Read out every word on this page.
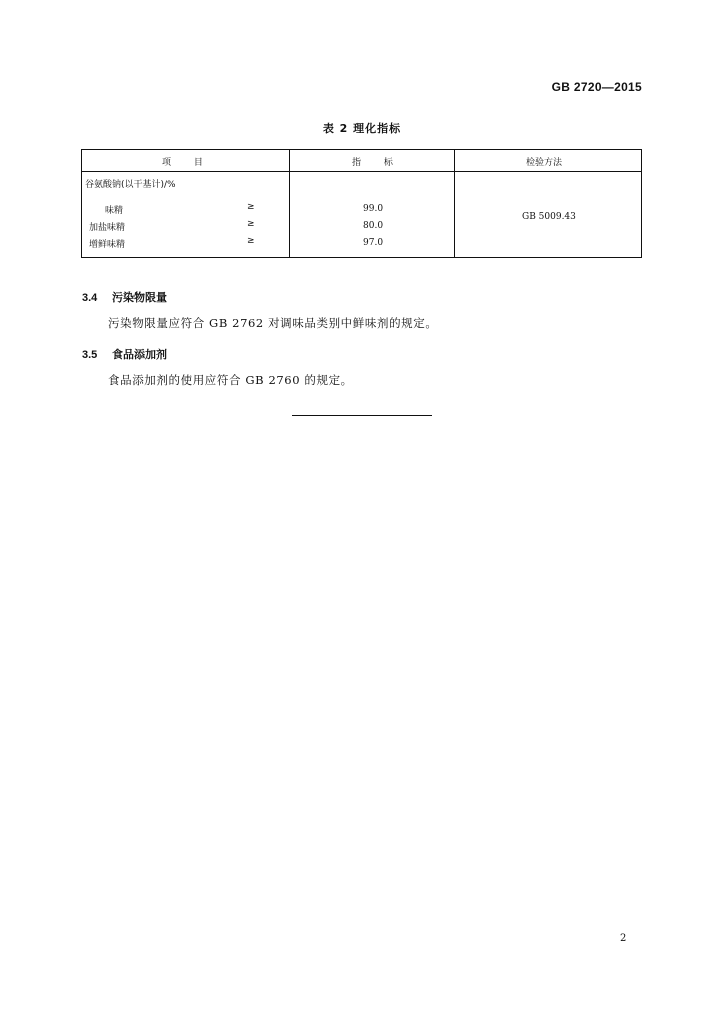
GB 2720—2015
表 2 理化指标
项        目	指        标	检验方法
谷氨酸钠(以干基计)/%
味精	≥	99.0
加盐味精	≥	80.0
增鲜味精	≥	97.0
GB 5009.43
3.4 污染物限量
污染物限量应符合 GB 2762 对调味品类别中鲜味剂的规定。
3.5 食品添加剂
食品添加剂的使用应符合 GB 2760 的规定。
2
